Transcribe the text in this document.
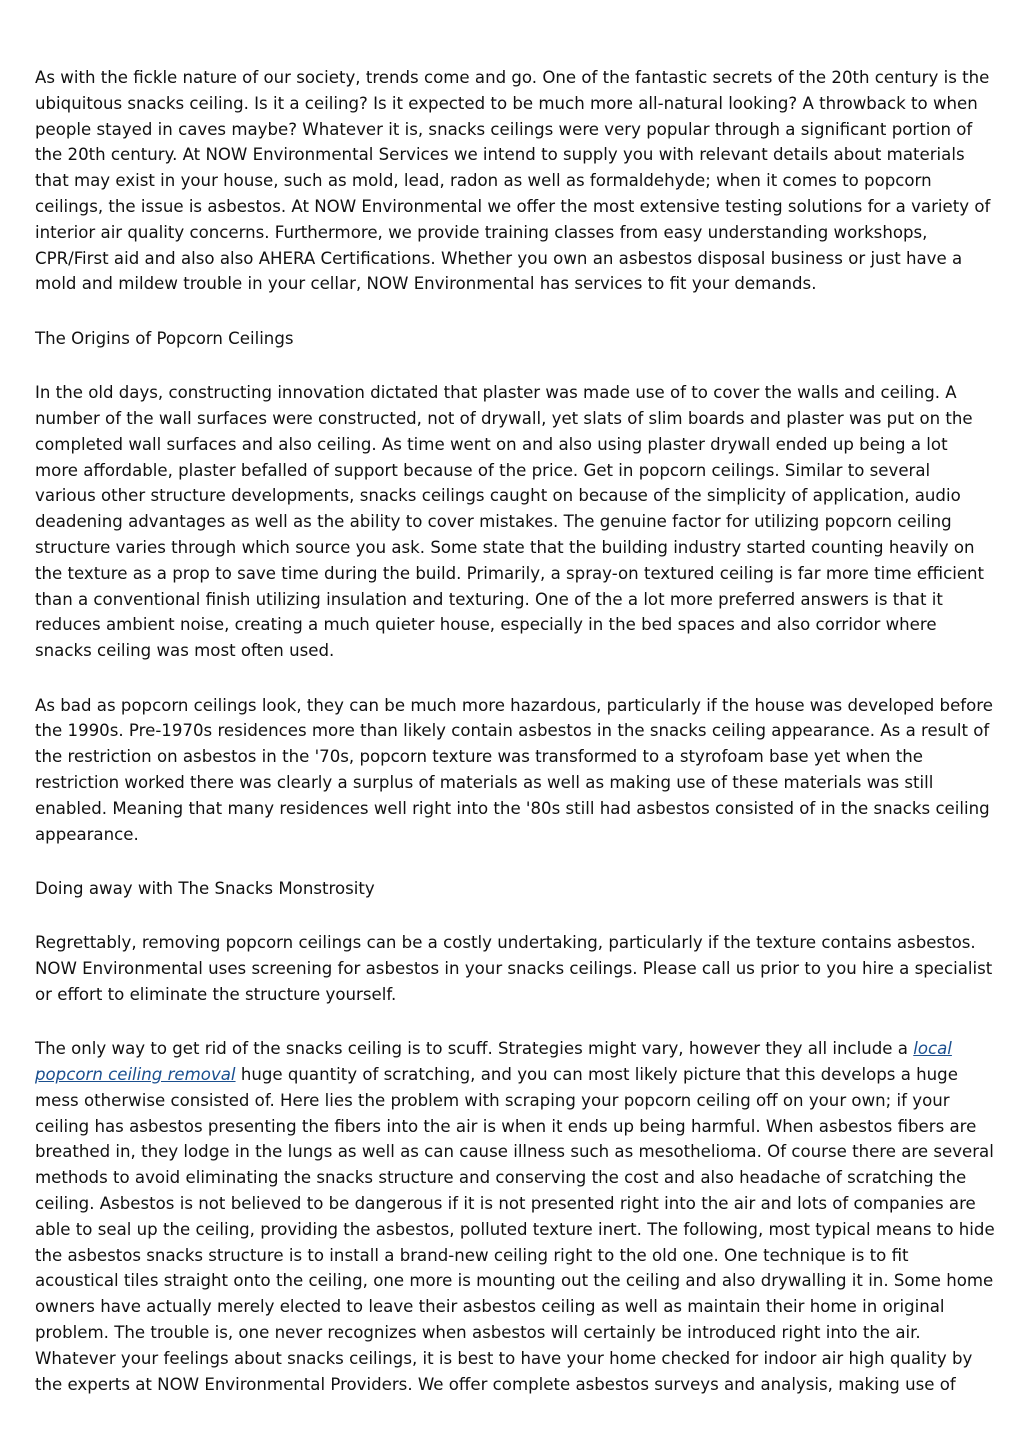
As with the fickle nature of our society, trends come and go. One of the fantastic secrets of the 20th century is the ubiquitous snacks ceiling. Is it a ceiling? Is it expected to be much more all-natural looking? A throwback to when people stayed in caves maybe? Whatever it is, snacks ceilings were very popular through a significant portion of the 20th century. At NOW Environmental Services we intend to supply you with relevant details about materials that may exist in your house, such as mold, lead, radon as well as formaldehyde; when it comes to popcorn ceilings, the issue is asbestos. At NOW Environmental we offer the most extensive testing solutions for a variety of interior air quality concerns. Furthermore, we provide training classes from easy understanding workshops, CPR/First aid and also also AHERA Certifications. Whether you own an asbestos disposal business or just have a mold and mildew trouble in your cellar, NOW Environmental has services to fit your demands.

The Origins of Popcorn Ceilings

In the old days, constructing innovation dictated that plaster was made use of to cover the walls and ceiling. A number of the wall surfaces were constructed, not of drywall, yet slats of slim boards and plaster was put on the completed wall surfaces and also ceiling. As time went on and also using plaster drywall ended up being a lot more affordable, plaster befalled of support because of the price. Get in popcorn ceilings. Similar to several various other structure developments, snacks ceilings caught on because of the simplicity of application, audio deadening advantages as well as the ability to cover mistakes. The genuine factor for utilizing popcorn ceiling structure varies through which source you ask. Some state that the building industry started counting heavily on the texture as a prop to save time during the build. Primarily, a spray-on textured ceiling is far more time efficient than a conventional finish utilizing insulation and texturing. One of the a lot more preferred answers is that it reduces ambient noise, creating a much quieter house, especially in the bed spaces and also corridor where snacks ceiling was most often used.

As bad as popcorn ceilings look, they can be much more hazardous, particularly if the house was developed before the 1990s. Pre-1970s residences more than likely contain asbestos in the snacks ceiling appearance. As a result of the restriction on asbestos in the '70s, popcorn texture was transformed to a styrofoam base yet when the restriction worked there was clearly a surplus of materials as well as making use of these materials was still enabled. Meaning that many residences well right into the '80s still had asbestos consisted of in the snacks ceiling appearance.

Doing away with The Snacks Monstrosity

Regrettably, removing popcorn ceilings can be a costly undertaking, particularly if the texture contains asbestos. NOW Environmental uses screening for asbestos in your snacks ceilings. Please call us prior to you hire a specialist or effort to eliminate the structure yourself.

The only way to get rid of the snacks ceiling is to scuff. Strategies might vary, however they all include a local popcorn ceiling removal huge quantity of scratching, and you can most likely picture that this develops a huge mess otherwise consisted of. Here lies the problem with scraping your popcorn ceiling off on your own; if your ceiling has asbestos presenting the fibers into the air is when it ends up being harmful. When asbestos fibers are breathed in, they lodge in the lungs as well as can cause illness such as mesothelioma. Of course there are several methods to avoid eliminating the snacks structure and conserving the cost and also headache of scratching the ceiling. Asbestos is not believed to be dangerous if it is not presented right into the air and lots of companies are able to seal up the ceiling, providing the asbestos, polluted texture inert. The following, most typical means to hide the asbestos snacks structure is to install a brand-new ceiling right to the old one. One technique is to fit acoustical tiles straight onto the ceiling, one more is mounting out the ceiling and also drywalling it in. Some home owners have actually merely elected to leave their asbestos ceiling as well as maintain their home in original problem. The trouble is, one never recognizes when asbestos will certainly be introduced right into the air. Whatever your feelings about snacks ceilings, it is best to have your home checked for indoor air high quality by the experts at NOW Environmental Providers. We offer complete asbestos surveys and analysis, making use of
